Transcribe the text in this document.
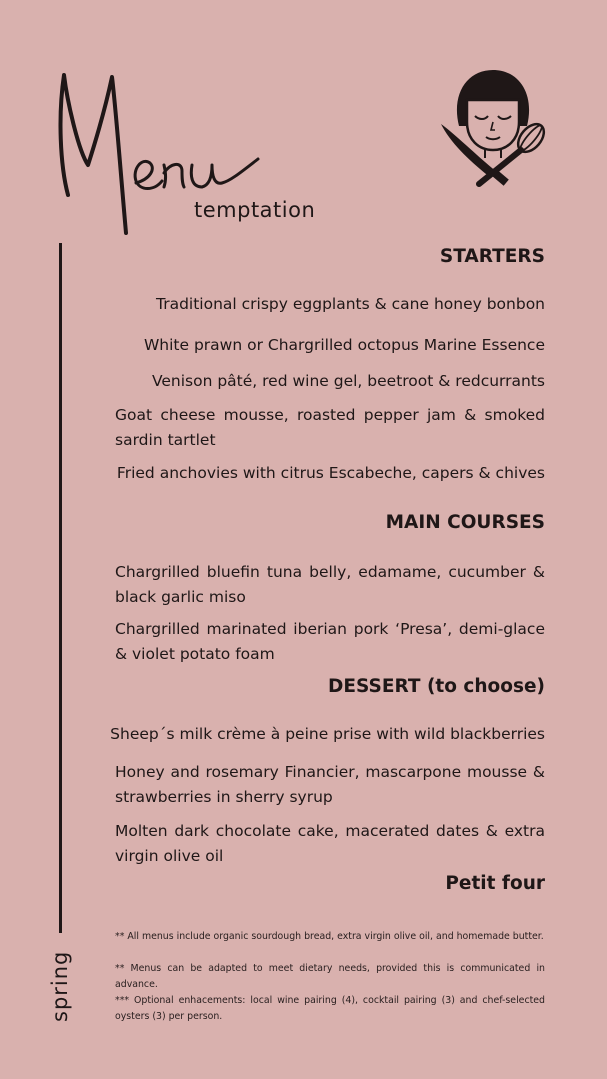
temptation
spring
STARTERS
Traditional crispy eggplants & cane honey bonbon
White prawn or Chargrilled octopus Marine Essence
Venison pâté, red wine gel, beetroot & redcurrants
Goat cheese mousse, roasted pepper jam & smoked sardin tartlet
Fried anchovies with citrus Escabeche, capers & chives
MAIN COURSES
Chargrilled bluefin tuna belly, edamame, cucumber & black garlic miso
Chargrilled marinated iberian pork ‘Presa’, demi-glace & violet potato foam
DESSERT (to choose)
Sheep´s milk crème à peine prise with wild blackberries
Honey and rosemary Financier, mascarpone mousse & strawberries in sherry syrup
Molten dark chocolate cake, macerated dates & extra virgin olive oil
Petit four
** All menus include organic sourdough bread, extra virgin olive oil, and homemade butter.
** Menus can be adapted to meet dietary needs, provided this is communicated in advance.
*** Optional enhacements: local wine pairing (4), cocktail pairing (3) and chef-selected oysters (3) per person.
